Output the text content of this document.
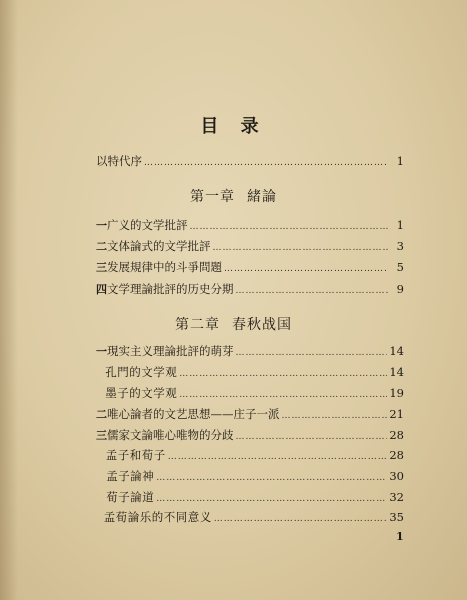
目 录
以特代序 ………………………………………………………………………………………………………………………………………………	1
第一章 緒論
一 广义的文学批評 ………………………………………………………………………………………………………………………………………………	1
二 文体論式的文学批評 ………………………………………………………………………………………………………………………………………………	3
三 发展規律中的斗爭問題 ………………………………………………………………………………………………………………………………………………	5
四 文学理論批評的历史分期 ………………………………………………………………………………………………………………………………………………	9
第二章 春秋战国
一 現实主义理論批評的萌芽 ………………………………………………………………………………………………………………………………………………	14
孔門的文学观 ………………………………………………………………………………………………………………………………………………	14
墨子的文学观 ………………………………………………………………………………………………………………………………………………	19
二 唯心論者的文艺思想——庄子一派 ………………………………………………………………………………………………………………………………………………	21
三 儒家文論唯心唯物的分歧 ………………………………………………………………………………………………………………………………………………	28
孟子和荀子 ………………………………………………………………………………………………………………………………………………	28
孟子論神 ………………………………………………………………………………………………………………………………………………	30
荀子論道 ………………………………………………………………………………………………………………………………………………	32
孟荀論乐的不同意义 ………………………………………………………………………………………………………………………………………………	35
1
